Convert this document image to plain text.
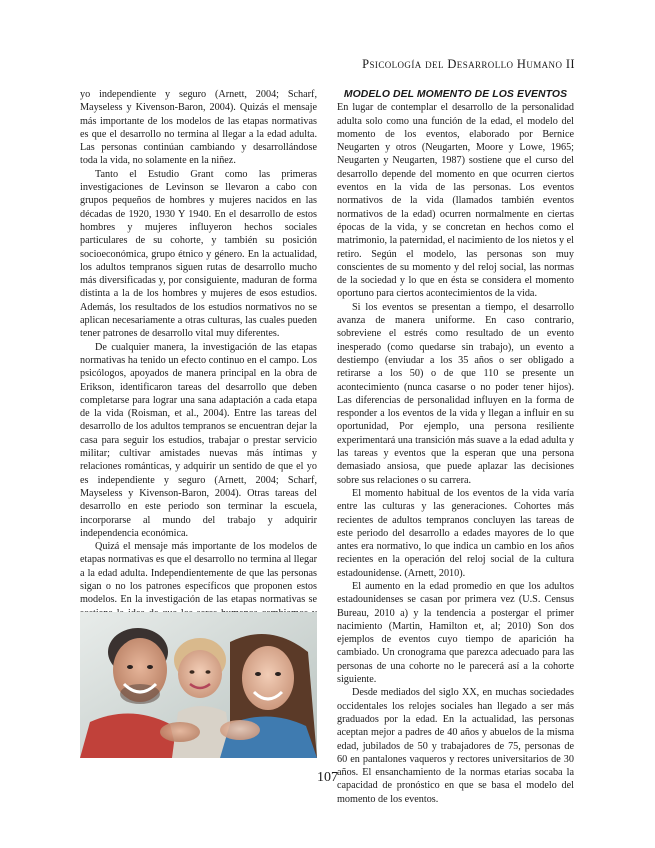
Psicología del Desarrollo Humano II

yo independiente y seguro (Arnett, 2004; Scharf, Mayseless y Kivenson-Baron, 2004). Quizás el mensaje más importante de los modelos de las etapas normativas es que el desarrollo no termina al llegar a la edad adulta. Las personas continúan cambiando y desarrollándose toda la vida, no solamente en la niñez.

Tanto el Estudio Grant como las primeras investigaciones de Levinson se llevaron a cabo con grupos pequeños de hombres y mujeres nacidos en las décadas de 1920, 1930 Y 1940. En el desarrollo de estos hombres y mujeres influyeron hechos sociales particulares de su cohorte, y también su posición socioeconómica, grupo étnico y género. En la actualidad, los adultos tempranos siguen rutas de desarrollo mucho más diversificadas y, por consiguiente, maduran de forma distinta a la de los hombres y mujeres de esos estudios. Además, los resultados de los estudios normativos no se aplican necesariamente a otras culturas, las cuales pueden tener patrones de desarrollo vital muy diferentes.

De cualquier manera, la investigación de las etapas normativas ha tenido un efecto continuo en el campo. Los psicólogos, apoyados de manera principal en la obra de Erikson, identificaron tareas del desarrollo que deben completarse para lograr una sana adaptación a cada etapa de la vida (Roisman, et al., 2004). Entre las tareas del desarrollo de los adultos tempranos se encuentran dejar la casa para seguir los estudios, trabajar o prestar servicio militar; cultivar amistades nuevas más íntimas y relaciones románticas, y adquirir un sentido de que el yo es independiente y seguro (Arnett, 2004; Scharf, Mayseless y Kivenson-Baron, 2004). Otras tareas del desarrollo en este periodo son terminar la escuela, incorporarse al mundo del trabajo y adquirir independencia económica.

Quizá el mensaje más importante de los modelos de etapas normativas es que el desarrollo no termina al llegar a la edad adulta. Independientemente de que las personas sigan o no los patrones específicos que proponen estos modelos. En la investigación de las etapas normativas se

MODELO DEL MOMENTO DE LOS EVENTOS

En lugar de contemplar el desarrollo de la personalidad adulta solo como una función de la edad, el modelo del momento de los eventos, elaborado por Bernice Neugarten y otros (Neugarten, Moore y Lowe, 1965; Neugarten y Neugarten, 1987) sostiene que el curso del desarrollo depende del momento en que ocurren ciertos eventos en la vida de las personas. Los eventos normativos de la vida (llamados también eventos normativos de la edad) ocurren normalmente en ciertas épocas de la vida, y se concretan en hechos como el matrimonio, la paternidad, el nacimiento de los nietos y el retiro. Según el modelo, las personas son muy conscientes de su momento y del reloj social, las normas de la sociedad y lo que en ésta se considera el momento oportuno para ciertos acontecimientos de la vida.

Si los eventos se presentan a tiempo, el desarrollo avanza de manera uniforme. En caso contrario, sobreviene el estrés como resultado de un evento inesperado (como quedarse sin trabajo), un evento a destiempo (enviudar a los 35 años o ser obligado a retirarse a los 50) o de que 110 se presente un acontecimiento (nunca casarse o no poder tener hijos). Las diferencias de personalidad influyen en la forma de responder a los eventos de la vida y llegan a influir en su oportunidad, Por ejemplo, una persona resiliente experimentará una transición más suave a la edad adulta y las tareas y eventos que la esperan que una persona demasiado ansiosa, que puede aplazar las decisiones sobre sus relaciones o su carrera.

El momento habitual de los eventos de la vida varía entre las culturas y las generaciones. Cohortes más recientes de adultos tempranos concluyen las tareas de este periodo del desarrollo a edades mayores de lo que antes era normativo, lo que indica un cambio en los años recientes en la operación del reloj social de la cultura estadounidense. (Arnett, 2010).

El aumento en la edad promedio en que los adultos estadounidenses se casan por primera vez (U.S. Census Bureau, 2010 a) y la tendencia a postergar el primer nacimiento (Martin, Hamilton et, al; 2010) Son dos ejemplos de eventos cuyo tiempo de aparición ha cambiado. Un cronograma que parezca adecuado para las personas de una cohorte no le parecerá así a la cohorte siguiente.

Desde mediados del siglo XX, en muchas sociedades occidentales los relojes sociales han llegado a ser más graduados por la edad. En la actualidad, las personas aceptan mejor a padres de 40 años y abuelos de la misma edad, jubilados de 50 y trabajadores de 75, personas de 60 en pantalones vaqueros y rectores universitarios de 30 años. El ensanchamiento de la normas etarias socaba la capacidad de pronóstico en que se basa el modelo del momento de los eventos.

107
